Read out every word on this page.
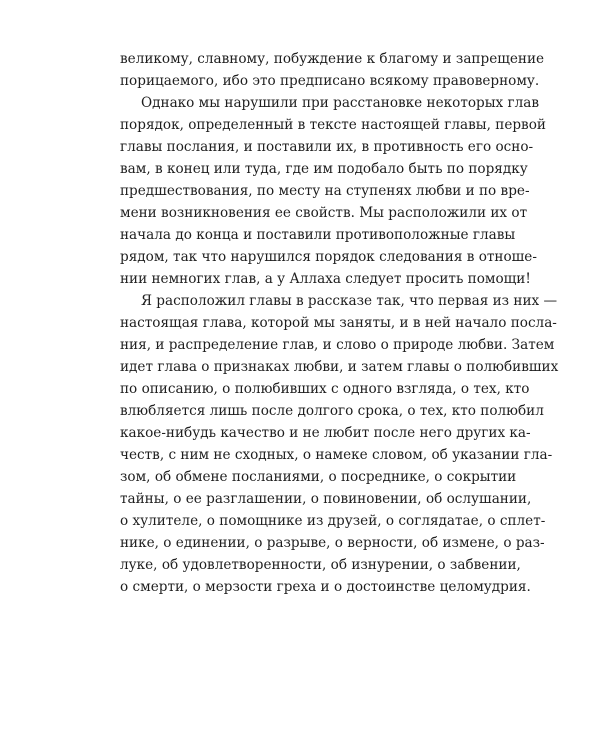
великому, славному, побуждение к благому и запрещение
порицаемого, ибо это предписано всякому правоверному.

Однако мы нарушили при расстановке некоторых глав
порядок, определенный в тексте настоящей главы, первой
главы послания, и поставили их, в противность его осно-
вам, в конец или туда, где им подобало быть по порядку
предшествования, по месту на ступенях любви и по вре-
мени возникновения ее свойств. Мы расположили их от
начала до конца и поставили противоположные главы
рядом, так что нарушился порядок следования в отноше-
нии немногих глав, а у Аллаха следует просить помощи!

Я расположил главы в рассказе так, что первая из них —
настоящая глава, которой мы заняты, и в ней начало посла-
ния, и распределение глав, и слово о природе любви. Затем
идет глава о признаках любви, и затем главы о полюбивших
по описанию, о полюбивших с одного взгляда, о тех, кто
влюбляется лишь после долгого срока, о тех, кто полюбил
какое-нибудь качество и не любит после него других ка-
честв, с ним не сходных, о намеке словом, об указании гла-
зом, об обмене посланиями, о посреднике, о сокрытии
тайны, о ее разглашении, о повиновении, об ослушании,
о хулителе, о помощнике из друзей, о соглядатае, о сплет-
нике, о единении, о разрыве, о верности, об измене, о раз-
луке, об удовлетворенности, об изнурении, о забвении,
о смерти, о мерзости греха и о достоинстве целомудрия.
